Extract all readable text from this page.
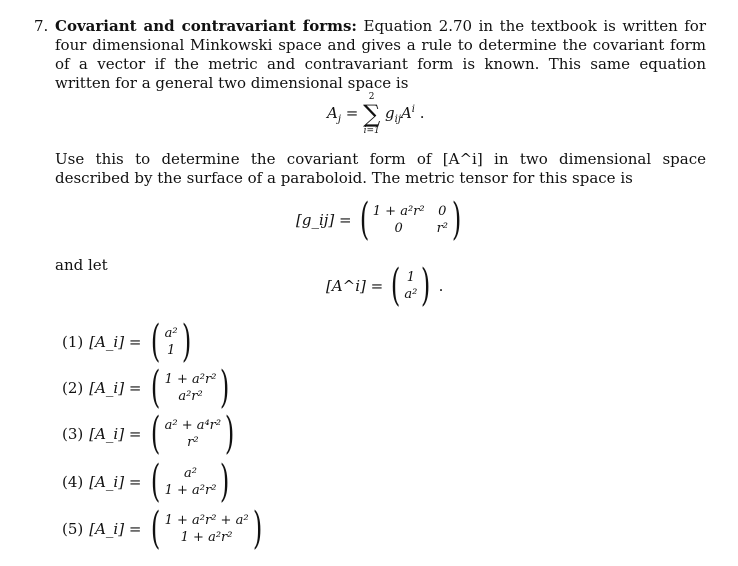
7. Covariant and contravariant forms: Equation 2.70 in the textbook is written for four dimensional Minkowski space and gives a rule to determine the covariant form of a vector if the metric and contravariant form is known. This same equation written for a general two dimensional space is
$A_j$ =
2
∑
i=1
$g_{ij}A^i$ .
Use this to determine the covariant form of [A^i] in two dimensional space described by the surface of a paraboloid. The metric tensor for this space is
[g_ij] = ( 1 + a²r² 0
0	r² )
and let
[A^i] = ( 1
a² ) .
(1) [A_i] = ( a²
1 )
(2) [A_i] = ( 1 + a²r²
a²r² )
(3) [A_i] = ( a² + a⁴r²
r² )
(4) [A_i] = (	a²
1 + a²r² )
(5) [A_i] = ( 1 + a²r² + a²
1 + a²r² )
